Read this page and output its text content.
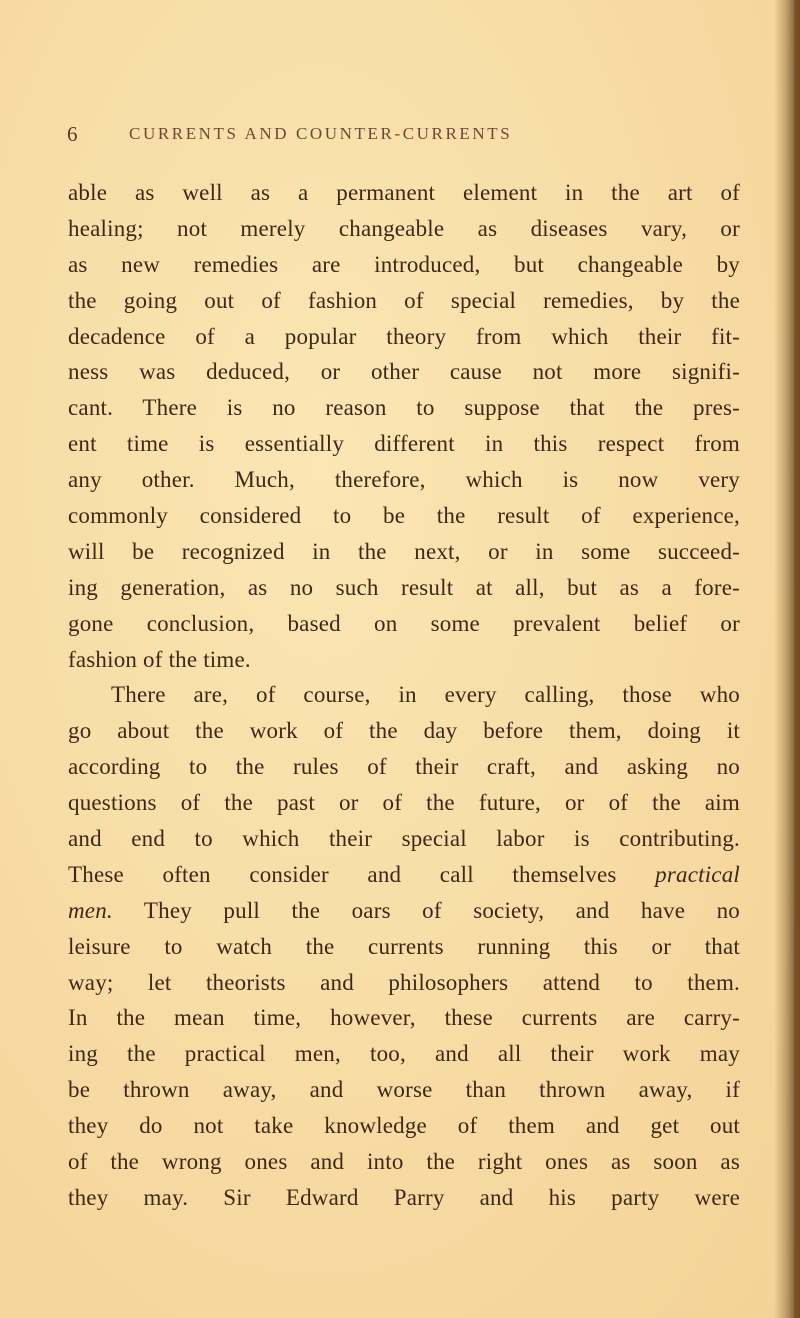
6	CURRENTS AND COUNTER-CURRENTS
able as well as a permanent element in the art of
healing; not merely changeable as diseases vary, or
as new remedies are introduced, but changeable by
the going out of fashion of special remedies, by the
decadence of a popular theory from which their fit-
ness was deduced, or other cause not more signifi-
cant. There is no reason to suppose that the pres-
ent time is essentially different in this respect from
any other. Much, therefore, which is now very
commonly considered to be the result of experience,
will be recognized in the next, or in some succeed-
ing generation, as no such result at all, but as a fore-
gone conclusion, based on some prevalent belief or
fashion of the time.
There are, of course, in every calling, those who
go about the work of the day before them, doing it
according to the rules of their craft, and asking no
questions of the past or of the future, or of the aim
and end to which their special labor is contributing.
These often consider and call themselves practical
men. They pull the oars of society, and have no
leisure to watch the currents running this or that
way; let theorists and philosophers attend to them.
In the mean time, however, these currents are carry-
ing the practical men, too, and all their work may
be thrown away, and worse than thrown away, if
they do not take knowledge of them and get out
of the wrong ones and into the right ones as soon as
they may. Sir Edward Parry and his party were
